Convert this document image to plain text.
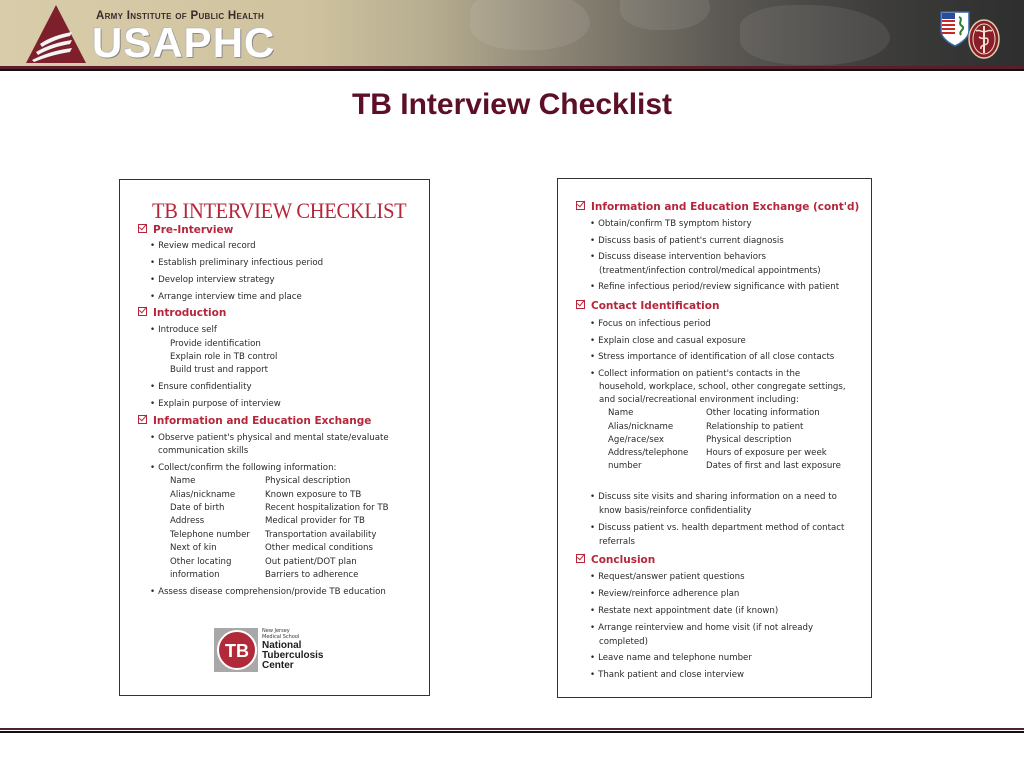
Army Institute of Public Health
USAPHC
TB Interview Checklist
TB INTERVIEW CHECKLIST
Pre-Interview
• Review medical record
• Establish preliminary infectious period
• Develop interview strategy
• Arrange interview time and place
Introduction
• Introduce self
Provide identification
Explain role in TB control
Build trust and rapport
• Ensure confidentiality
• Explain purpose of interview
Information and Education Exchange
• Observe patient's physical and mental state/evaluate
communication skills
• Collect/confirm the following information:
Name
Alias/nickname
Date of birth
Address
Telephone number
Next of kin
Other locating
information
Physical description
Known exposure to TB
Recent hospitalization for TB
Medical provider for TB
Transportation availability
Other medical conditions
Out patient/DOT plan
Barriers to adherence
• Assess disease comprehension/provide TB education
TB
New Jersey
Medical School
National
Tuberculosis
Center
Information and Education Exchange (cont'd)
• Obtain/confirm TB symptom history
• Discuss basis of patient's current diagnosis
• Discuss disease intervention behaviors
(treatment/infection control/medical appointments)
• Refine infectious period/review significance with patient
Contact Identification
• Focus on infectious period
• Explain close and casual exposure
• Stress importance of identification of all close contacts
• Collect information on patient's contacts in the
household, workplace, school, other congregate settings,
and social/recreational environment including:
Name
Alias/nickname
Age/race/sex
Address/telephone
number
Other locating information
Relationship to patient
Physical description
Hours of exposure per week
Dates of first and last exposure
• Discuss site visits and sharing information on a need to
know basis/reinforce confidentiality
• Discuss patient vs. health department method of contact
referrals
Conclusion
• Request/answer patient questions
• Review/reinforce adherence plan
• Restate next appointment date (if known)
• Arrange reinterview and home visit (if not already
completed)
• Leave name and telephone number
• Thank patient and close interview
